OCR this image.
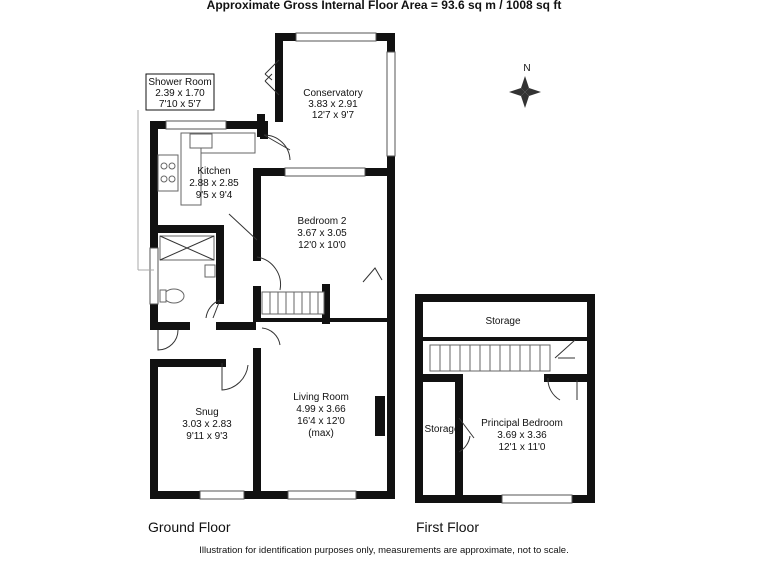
Approximate Gross Internal Floor Area = 93.6 sq m / 1008 sq ft
N
Shower Room
2.39 x 1.70
7'10 x 5'7
Conservatory
3.83 x 2.91
12'7 x 9'7
Kitchen
2.88 x 2.85
9'5 x 9'4
Bedroom 2
3.67 x 3.05
12'0 x 10'0
Living Room
4.99 x 3.66
16'4 x 12'0
(max)
Snug
3.03 x 2.83
9'11 x 9'3
Ground Floor
Storage
Storage
Principal Bedroom
3.69 x 3.36
12'1 x 11'0
First Floor
Illustration for identification purposes only, measurements are approximate, not to scale.
